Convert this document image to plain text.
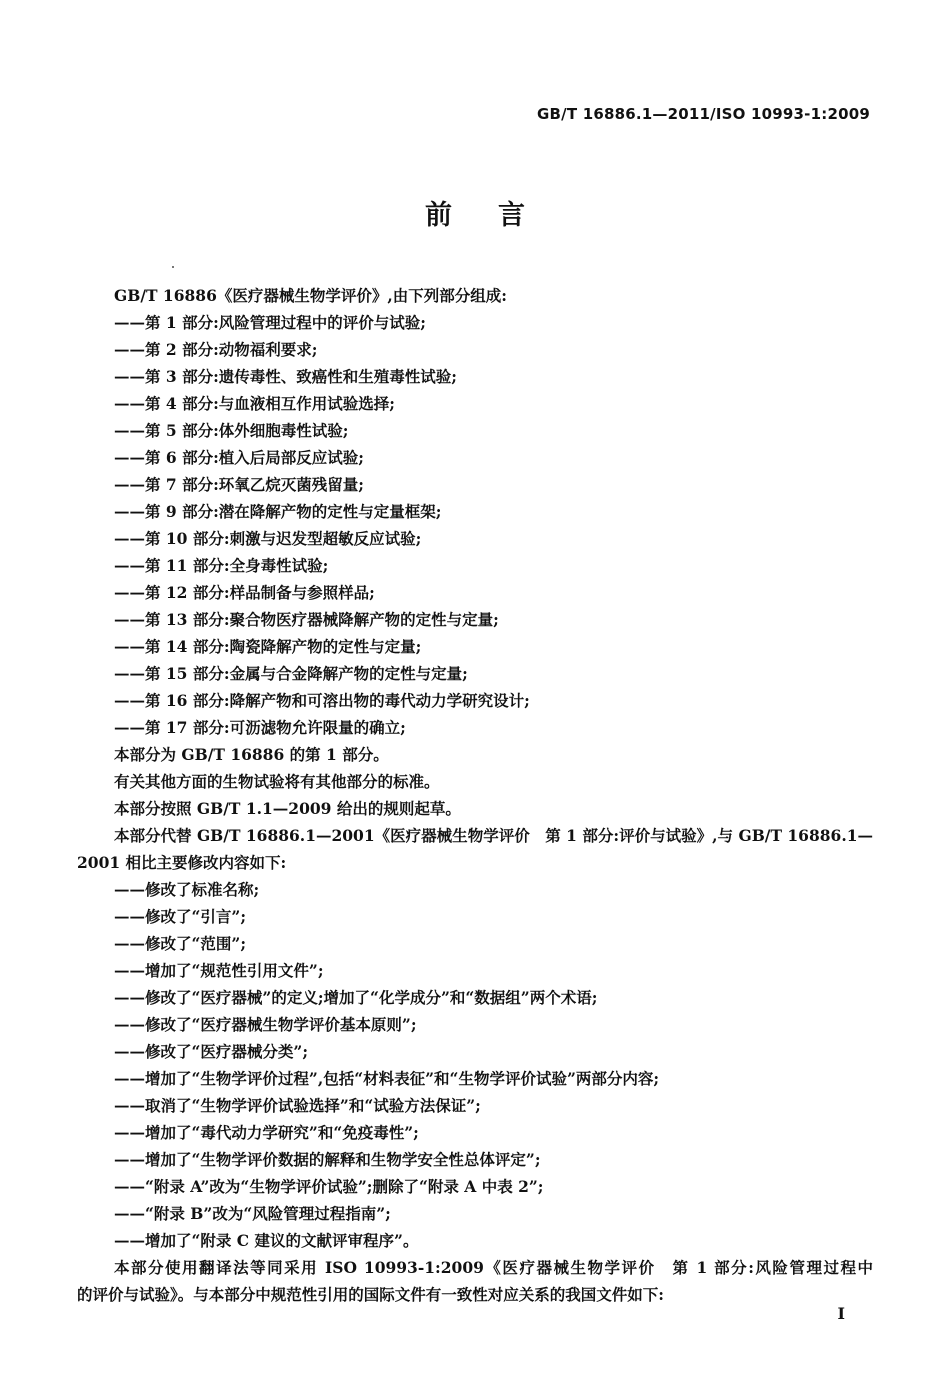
GB/T 16886.1—2011/ISO 10993-1:2009
前言
GB/T 16886《医疗器械生物学评价》,由下列部分组成:
——第 1 部分:风险管理过程中的评价与试验;
——第 2 部分:动物福利要求;
——第 3 部分:遗传毒性、致癌性和生殖毒性试验;
——第 4 部分:与血液相互作用试验选择;
——第 5 部分:体外细胞毒性试验;
——第 6 部分:植入后局部反应试验;
——第 7 部分:环氧乙烷灭菌残留量;
——第 9 部分:潜在降解产物的定性与定量框架;
——第 10 部分:刺激与迟发型超敏反应试验;
——第 11 部分:全身毒性试验;
——第 12 部分:样品制备与参照样品;
——第 13 部分:聚合物医疗器械降解产物的定性与定量;
——第 14 部分:陶瓷降解产物的定性与定量;
——第 15 部分:金属与合金降解产物的定性与定量;
——第 16 部分:降解产物和可溶出物的毒代动力学研究设计;
——第 17 部分:可沥滤物允许限量的确立;
本部分为 GB/T 16886 的第 1 部分。
有关其他方面的生物试验将有其他部分的标准。
本部分按照 GB/T 1.1—2009 给出的规则起草。
本部分代替 GB/T 16886.1—2001《医疗器械生物学评价　第 1 部分:评价与试验》,与 GB/T 16886.1—
2001 相比主要修改内容如下:
——修改了标准名称;
——修改了“引言”;
——修改了“范围”;
——增加了“规范性引用文件”;
——修改了“医疗器械”的定义;增加了“化学成分”和“数据组”两个术语;
——修改了“医疗器械生物学评价基本原则”;
——修改了“医疗器械分类”;
——增加了“生物学评价过程”,包括“材料表征”和“生物学评价试验”两部分内容;
——取消了“生物学评价试验选择”和“试验方法保证”;
——增加了“毒代动力学研究”和“免疫毒性”;
——增加了“生物学评价数据的解释和生物学安全性总体评定”;
——“附录 A”改为“生物学评价试验”;删除了“附录 A 中表 2”;
——“附录 B”改为“风险管理过程指南”;
——增加了“附录 C 建议的文献评审程序”。
本部分使用翻译法等同采用 ISO 10993-1:2009《医疗器械生物学评价　第 1 部分:风险管理过程中
的评价与试验》。与本部分中规范性引用的国际文件有一致性对应关系的我国文件如下:
I
